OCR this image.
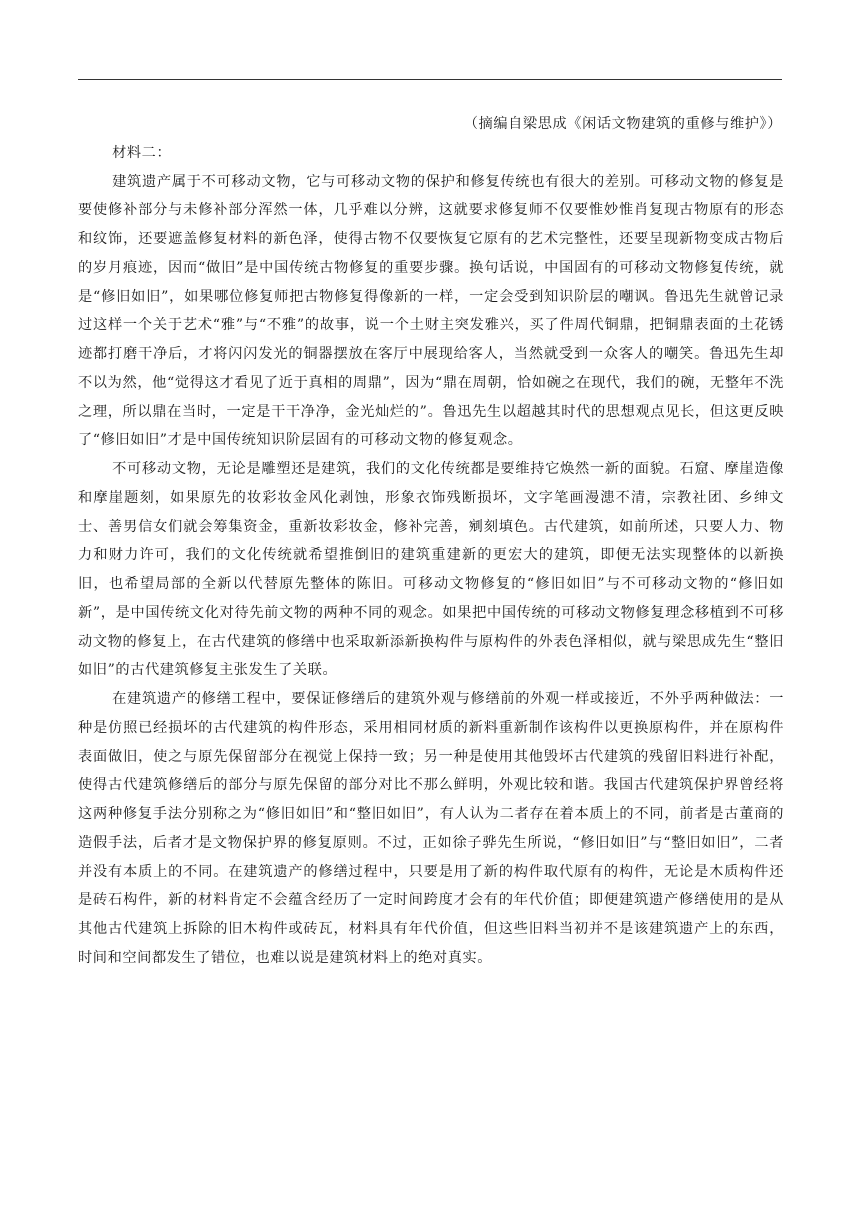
（摘编自梁思成《闲话文物建筑的重修与维护》）

材料二：

建筑遗产属于不可移动文物，它与可移动文物的保护和修复传统也有很大的差别。可移动文物的修复是要使修补部分与未修补部分浑然一体，几乎难以分辨，这就要求修复师不仅要惟妙惟肖复现古物原有的形态和纹饰，还要遮盖修复材料的新色泽，使得古物不仅要恢复它原有的艺术完整性，还要呈现新物变成古物后的岁月痕迹，因而“做旧”是中国传统古物修复的重要步骤。换句话说，中国固有的可移动文物修复传统，就是“修旧如旧”，如果哪位修复师把古物修复得像新的一样，一定会受到知识阶层的嘲讽。鲁迅先生就曾记录过这样一个关于艺术“雅”与“不雅”的故事，说一个土财主突发雅兴，买了件周代铜鼎，把铜鼎表面的土花锈迹都打磨干净后，才将闪闪发光的铜器摆放在客厅中展现给客人，当然就受到一众客人的嘲笑。鲁迅先生却不以为然，他“觉得这才看见了近于真相的周鼎”，因为“鼎在周朝，恰如碗之在现代，我们的碗，无整年不洗之理，所以鼎在当时，一定是干干净净，金光灿烂的”。鲁迅先生以超越其时代的思想观点见长，但这更反映了“修旧如旧”才是中国传统知识阶层固有的可移动文物的修复观念。

不可移动文物，无论是雕塑还是建筑，我们的文化传统都是要维持它焕然一新的面貌。石窟、摩崖造像和摩崖题刻，如果原先的妆彩妆金风化剥蚀，形象衣饰残断损坏，文字笔画漫漶不清，宗教社团、乡绅文士、善男信女们就会筹集资金，重新妆彩妆金，修补完善，剜刻填色。古代建筑，如前所述，只要人力、物力和财力许可，我们的文化传统就希望推倒旧的建筑重建新的更宏大的建筑，即便无法实现整体的以新换旧，也希望局部的全新以代替原先整体的陈旧。可移动文物修复的“修旧如旧”与不可移动文物的“修旧如新”，是中国传统文化对待先前文物的两种不同的观念。如果把中国传统的可移动文物修复理念移植到不可移动文物的修复上，在古代建筑的修缮中也采取新添新换构件与原构件的外表色泽相似，就与梁思成先生“整旧如旧”的古代建筑修复主张发生了关联。

在建筑遗产的修缮工程中，要保证修缮后的建筑外观与修缮前的外观一样或接近，不外乎两种做法：一种是仿照已经损坏的古代建筑的构件形态，采用相同材质的新料重新制作该构件以更换原构件，并在原构件表面做旧，使之与原先保留部分在视觉上保持一致；另一种是使用其他毁坏古代建筑的残留旧料进行补配，使得古代建筑修缮后的部分与原先保留的部分对比不那么鲜明，外观比较和谐。我国古代建筑保护界曾经将这两种修复手法分别称之为“修旧如旧”和“整旧如旧”，有人认为二者存在着本质上的不同，前者是古董商的造假手法，后者才是文物保护界的修复原则。不过，正如徐子骅先生所说，“修旧如旧”与“整旧如旧”，二者并没有本质上的不同。在建筑遗产的修缮过程中，只要是用了新的构件取代原有的构件，无论是木质构件还是砖石构件，新的材料肯定不会蕴含经历了一定时间跨度才会有的年代价值；即便建筑遗产修缮使用的是从其他古代建筑上拆除的旧木构件或砖瓦，材料具有年代价值，但这些旧料当初并不是该建筑遗产上的东西，时间和空间都发生了错位，也难以说是建筑材料上的绝对真实。
